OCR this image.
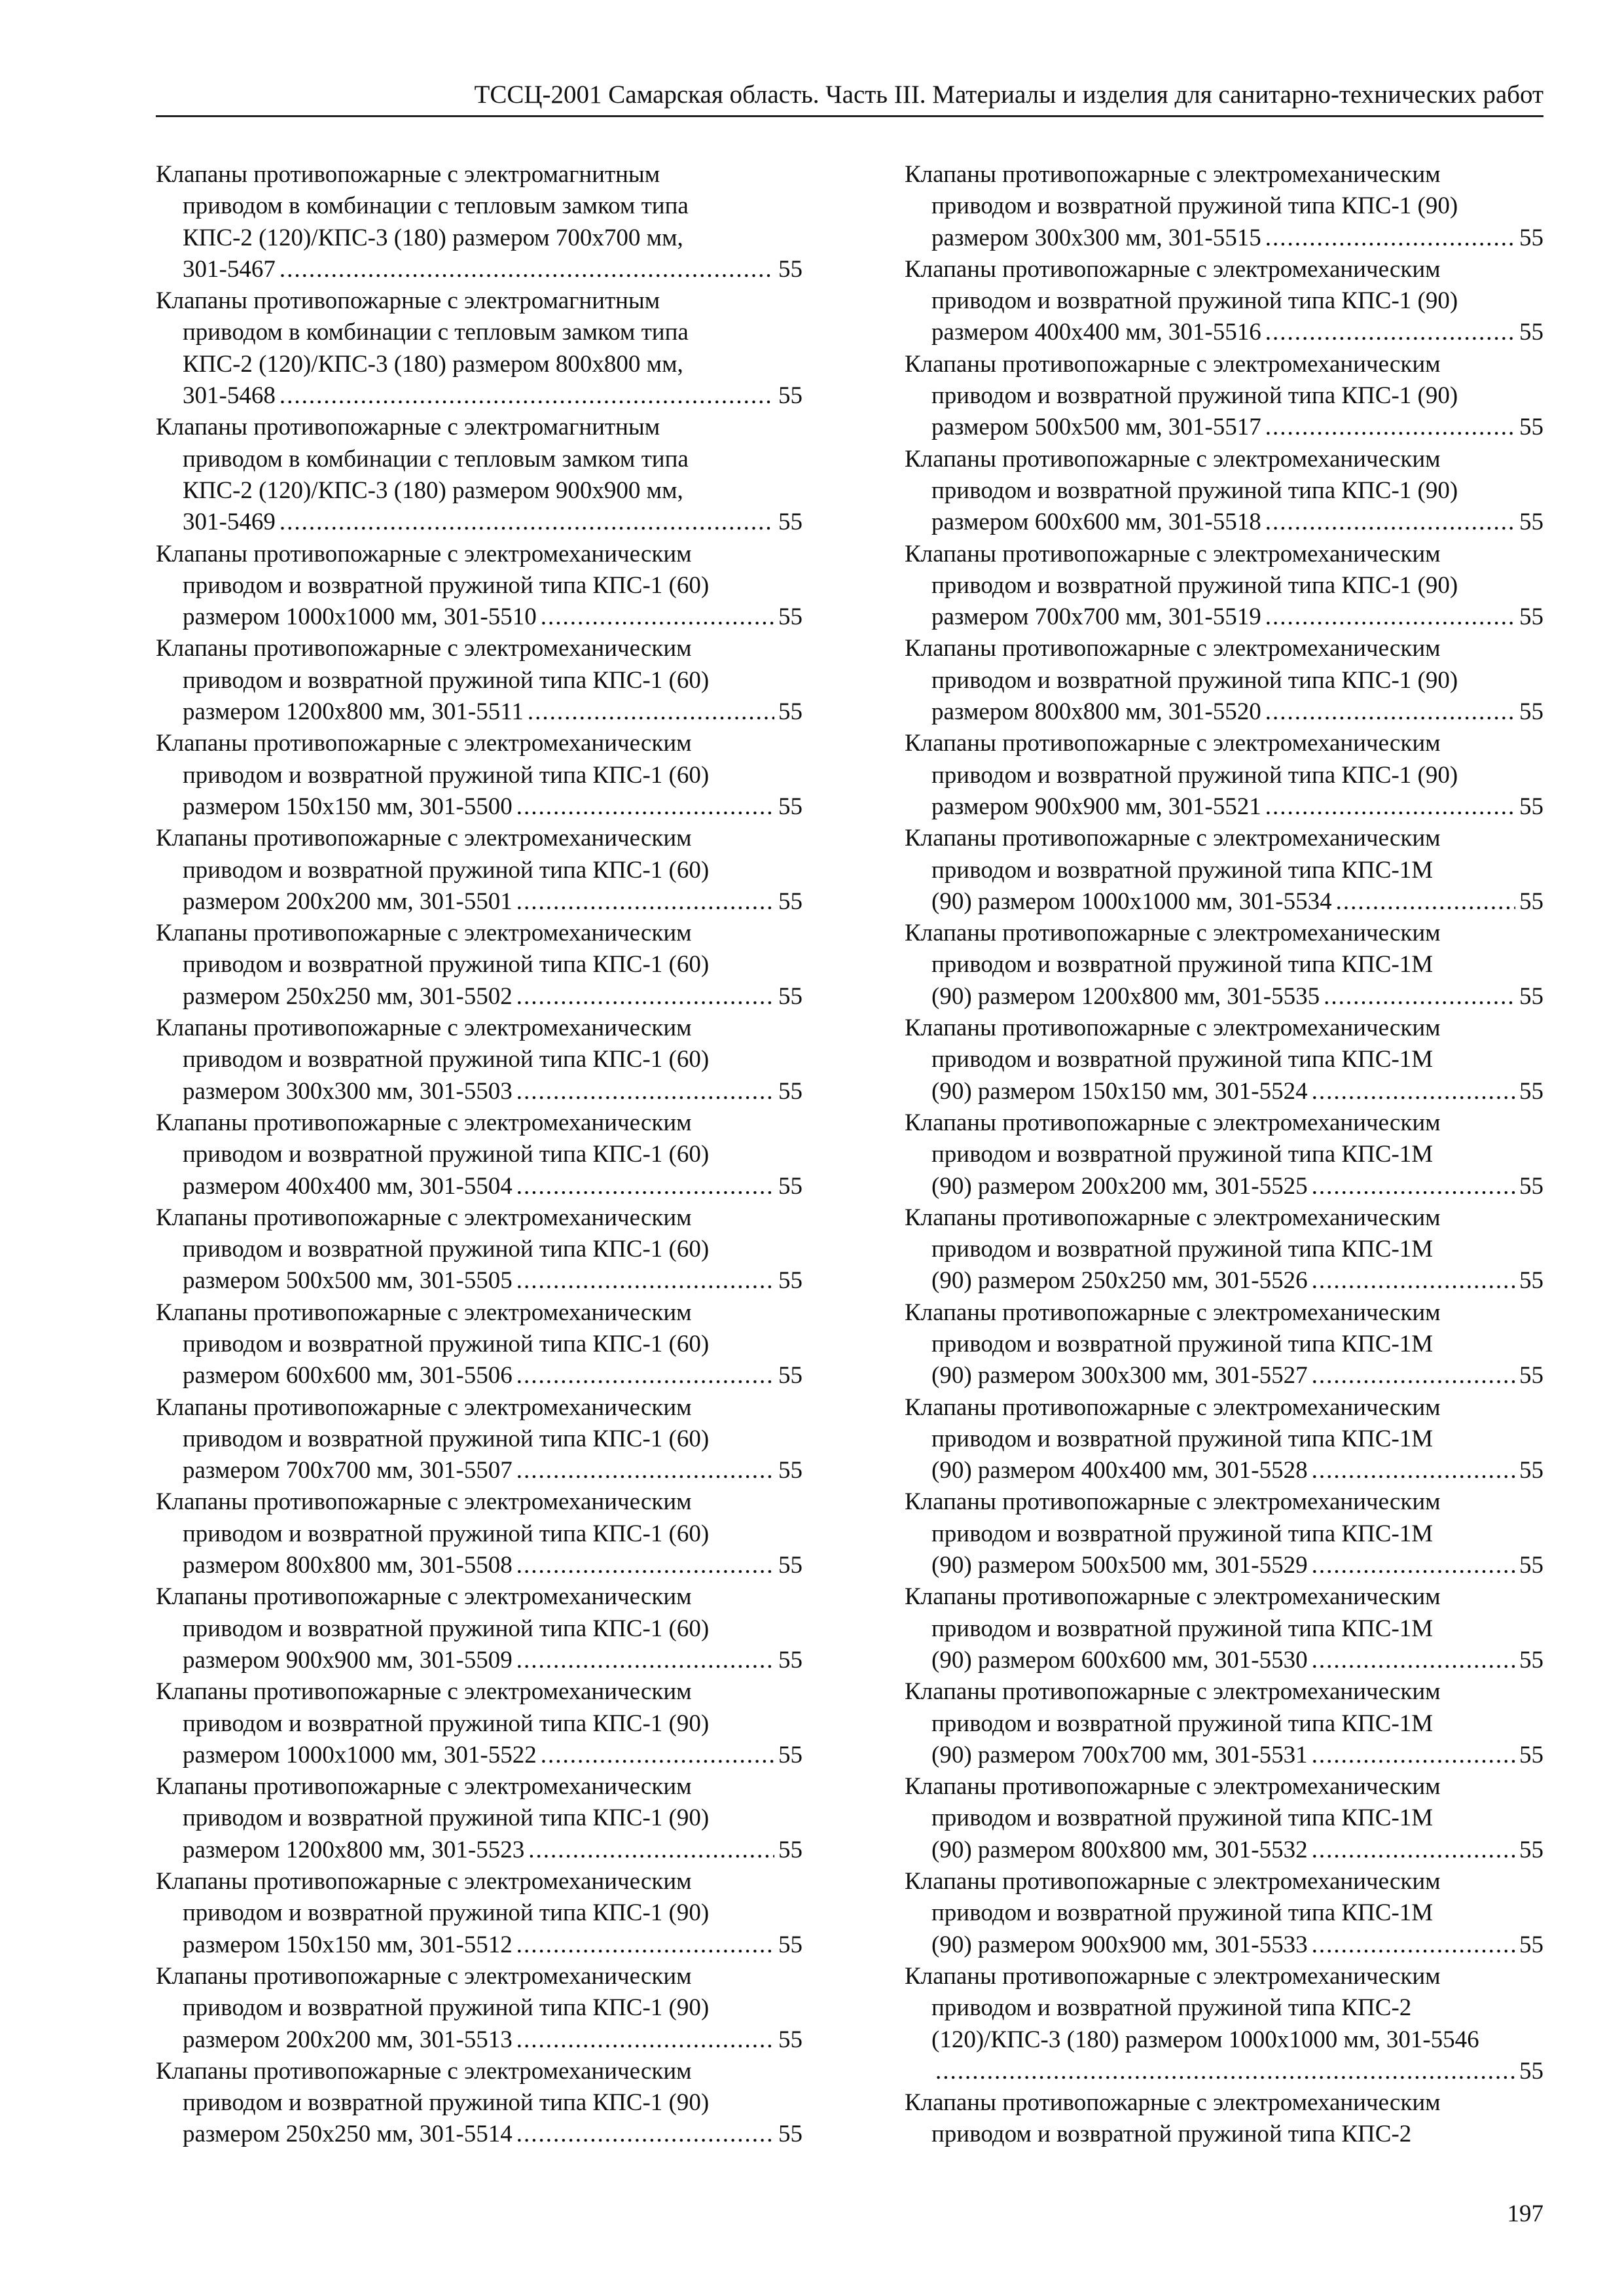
ТССЦ-2001 Самарская область. Часть III. Материалы и изделия для санитарно-технических работ
Клапаны противопожарные с электромагнитным
приводом в комбинации с тепловым замком типа
КПС-2 (120)/КПС-3 (180) размером 700х700 мм,
301-5467 .....	55
Клапаны противопожарные с электромагнитным
приводом в комбинации с тепловым замком типа
КПС-2 (120)/КПС-3 (180) размером 800х800 мм,
301-5468 .....	55
Клапаны противопожарные с электромагнитным
приводом в комбинации с тепловым замком типа
КПС-2 (120)/КПС-3 (180) размером 900х900 мм,
301-5469 .....	55
Клапаны противопожарные с электромеханическим
приводом и возвратной пружиной типа КПС-1 (60)
размером 1000х1000 мм, 301-5510 .....	55
Клапаны противопожарные с электромеханическим
приводом и возвратной пружиной типа КПС-1 (60)
размером 1200х800 мм, 301-5511 .....	55
Клапаны противопожарные с электромеханическим
приводом и возвратной пружиной типа КПС-1 (60)
размером 150х150 мм, 301-5500 .....	55
Клапаны противопожарные с электромеханическим
приводом и возвратной пружиной типа КПС-1 (60)
размером 200х200 мм, 301-5501 .....	55
Клапаны противопожарные с электромеханическим
приводом и возвратной пружиной типа КПС-1 (60)
размером 250х250 мм, 301-5502 .....	55
Клапаны противопожарные с электромеханическим
приводом и возвратной пружиной типа КПС-1 (60)
размером 300х300 мм, 301-5503 .....	55
Клапаны противопожарные с электромеханическим
приводом и возвратной пружиной типа КПС-1 (60)
размером 400х400 мм, 301-5504 .....	55
Клапаны противопожарные с электромеханическим
приводом и возвратной пружиной типа КПС-1 (60)
размером 500х500 мм, 301-5505 .....	55
Клапаны противопожарные с электромеханическим
приводом и возвратной пружиной типа КПС-1 (60)
размером 600х600 мм, 301-5506 .....	55
Клапаны противопожарные с электромеханическим
приводом и возвратной пружиной типа КПС-1 (60)
размером 700х700 мм, 301-5507 .....	55
Клапаны противопожарные с электромеханическим
приводом и возвратной пружиной типа КПС-1 (60)
размером 800х800 мм, 301-5508 .....	55
Клапаны противопожарные с электромеханическим
приводом и возвратной пружиной типа КПС-1 (60)
размером 900х900 мм, 301-5509 .....	55
Клапаны противопожарные с электромеханическим
приводом и возвратной пружиной типа КПС-1 (90)
размером 1000х1000 мм, 301-5522 .....	55
Клапаны противопожарные с электромеханическим
приводом и возвратной пружиной типа КПС-1 (90)
размером 1200х800 мм, 301-5523 .....	55
Клапаны противопожарные с электромеханическим
приводом и возвратной пружиной типа КПС-1 (90)
размером 150х150 мм, 301-5512 .....	55
Клапаны противопожарные с электромеханическим
приводом и возвратной пружиной типа КПС-1 (90)
размером 200х200 мм, 301-5513 .....	55
Клапаны противопожарные с электромеханическим
приводом и возвратной пружиной типа КПС-1 (90)
размером 250х250 мм, 301-5514 .....	55
Клапаны противопожарные с электромеханическим
приводом и возвратной пружиной типа КПС-1 (90)
размером 300х300 мм, 301-5515 .....	55
Клапаны противопожарные с электромеханическим
приводом и возвратной пружиной типа КПС-1 (90)
размером 400х400 мм, 301-5516 .....	55
Клапаны противопожарные с электромеханическим
приводом и возвратной пружиной типа КПС-1 (90)
размером 500х500 мм, 301-5517 .....	55
Клапаны противопожарные с электромеханическим
приводом и возвратной пружиной типа КПС-1 (90)
размером 600х600 мм, 301-5518 .....	55
Клапаны противопожарные с электромеханическим
приводом и возвратной пружиной типа КПС-1 (90)
размером 700х700 мм, 301-5519 .....	55
Клапаны противопожарные с электромеханическим
приводом и возвратной пружиной типа КПС-1 (90)
размером 800х800 мм, 301-5520 .....	55
Клапаны противопожарные с электромеханическим
приводом и возвратной пружиной типа КПС-1 (90)
размером 900х900 мм, 301-5521 .....	55
Клапаны противопожарные с электромеханическим
приводом и возвратной пружиной типа КПС-1М
(90) размером 1000х1000 мм, 301-5534 .....	55
Клапаны противопожарные с электромеханическим
приводом и возвратной пружиной типа КПС-1М
(90) размером 1200х800 мм, 301-5535 .....	55
Клапаны противопожарные с электромеханическим
приводом и возвратной пружиной типа КПС-1М
(90) размером 150х150 мм, 301-5524 .....	55
Клапаны противопожарные с электромеханическим
приводом и возвратной пружиной типа КПС-1М
(90) размером 200х200 мм, 301-5525 .....	55
Клапаны противопожарные с электромеханическим
приводом и возвратной пружиной типа КПС-1М
(90) размером 250х250 мм, 301-5526 .....	55
Клапаны противопожарные с электромеханическим
приводом и возвратной пружиной типа КПС-1М
(90) размером 300х300 мм, 301-5527 .....	55
Клапаны противопожарные с электромеханическим
приводом и возвратной пружиной типа КПС-1М
(90) размером 400х400 мм, 301-5528 .....	55
Клапаны противопожарные с электромеханическим
приводом и возвратной пружиной типа КПС-1М
(90) размером 500х500 мм, 301-5529 .....	55
Клапаны противопожарные с электромеханическим
приводом и возвратной пружиной типа КПС-1М
(90) размером 600х600 мм, 301-5530 .....	55
Клапаны противопожарные с электромеханическим
приводом и возвратной пружиной типа КПС-1М
(90) размером 700х700 мм, 301-5531 .....	55
Клапаны противопожарные с электромеханическим
приводом и возвратной пружиной типа КПС-1М
(90) размером 800х800 мм, 301-5532 .....	55
Клапаны противопожарные с электромеханическим
приводом и возвратной пружиной типа КПС-1М
(90) размером 900х900 мм, 301-5533 .....	55
Клапаны противопожарные с электромеханическим
приводом и возвратной пружиной типа КПС-2
(120)/КПС-3 (180) размером 1000х1000 мм, 301-5546
.....
55
Клапаны противопожарные с электромеханическим
приводом и возвратной пружиной типа КПС-2
197
